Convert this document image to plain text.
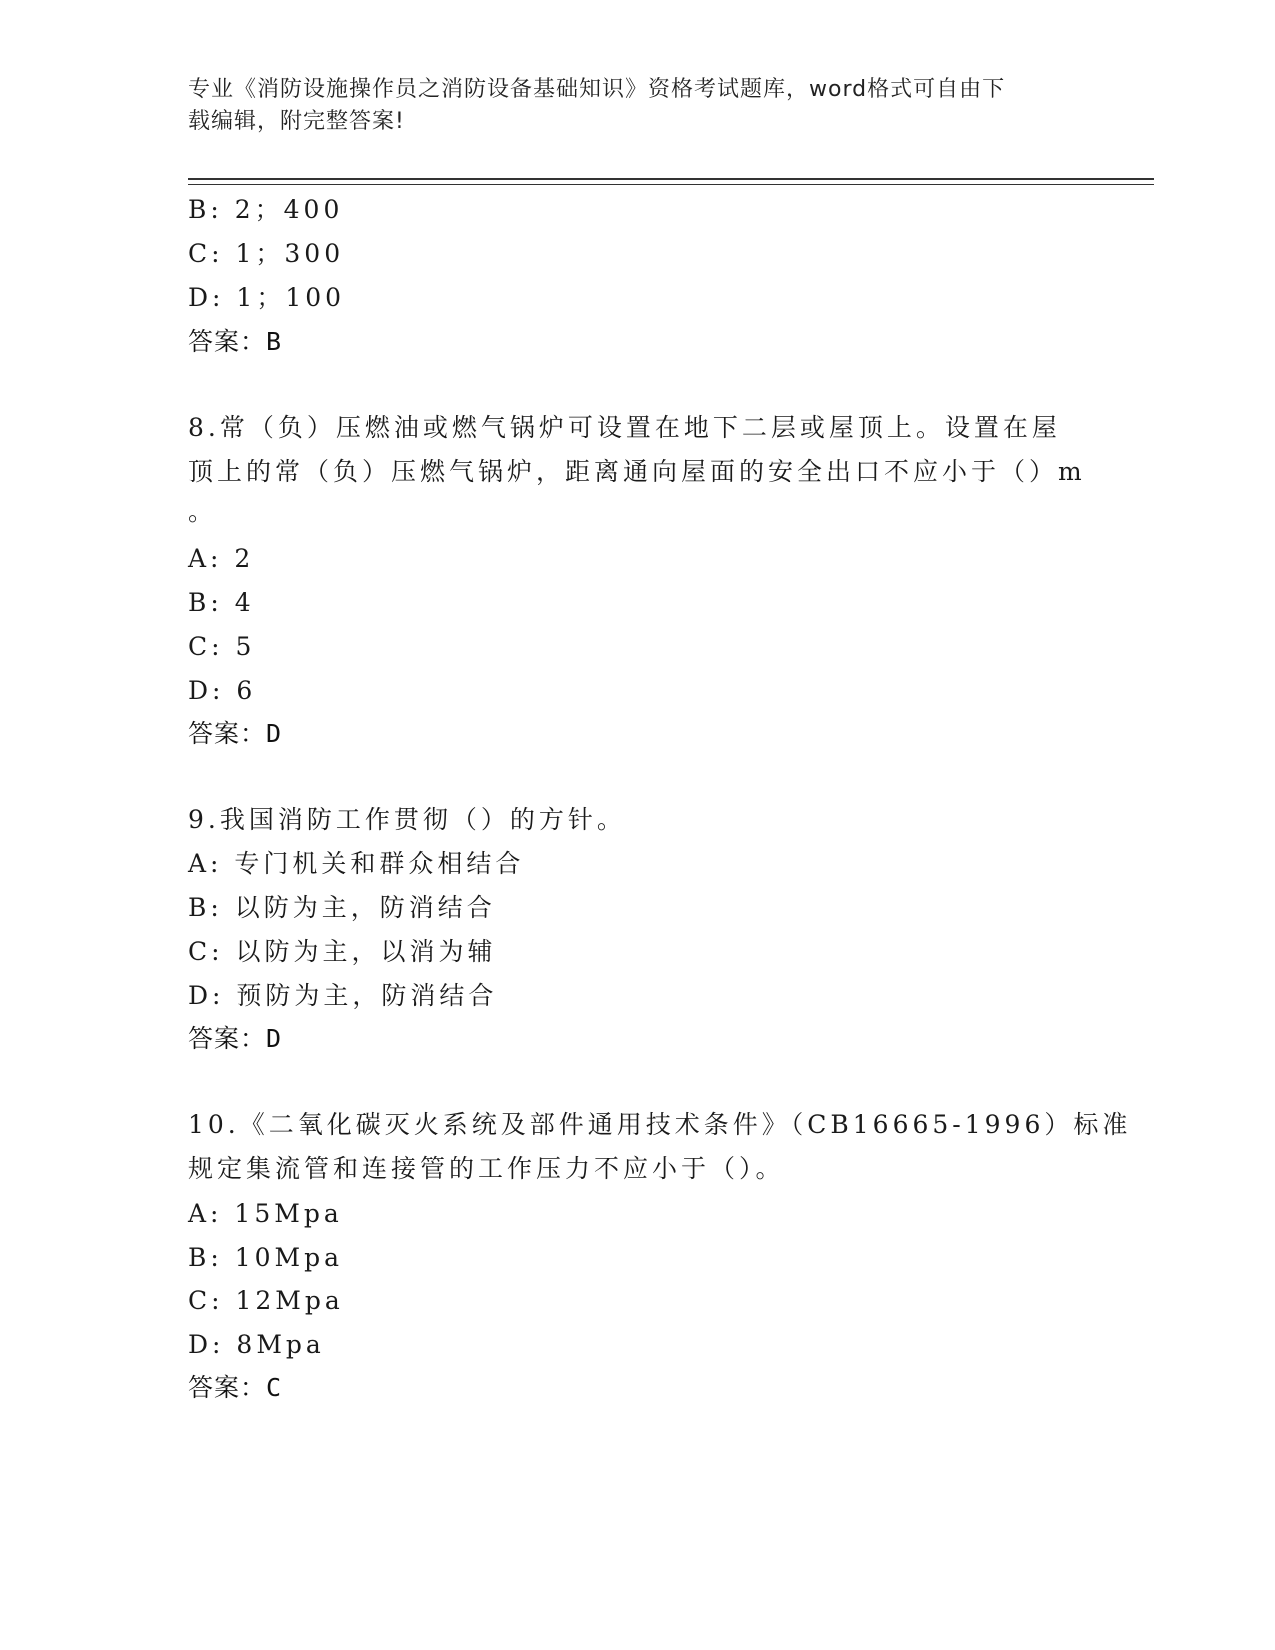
专业《消防设施操作员之消防设备基础知识》资格考试题库，word格式可自由下
载编辑，附完整答案!
B: 2；400
C: 1；300
D: 1；100
答案：B
8.常（负）压燃油或燃气锅炉可设置在地下二层或屋顶上。设置在屋
顶上的常（负）压燃气锅炉，距离通向屋面的安全出口不应小于（）m
。
A: 2
B: 4
C: 5
D: 6
答案：D
9.我国消防工作贯彻（）的方针。
A: 专门机关和群众相结合
B: 以防为主，防消结合
C: 以防为主，以消为辅
D: 预防为主，防消结合
答案：D
10.《二氧化碳灭火系统及部件通用技术条件》（CB16665-1996）标准
规定集流管和连接管的工作压力不应小于（）。
A: 15Mpa
B: 10Mpa
C: 12Mpa
D: 8Mpa
答案：C
